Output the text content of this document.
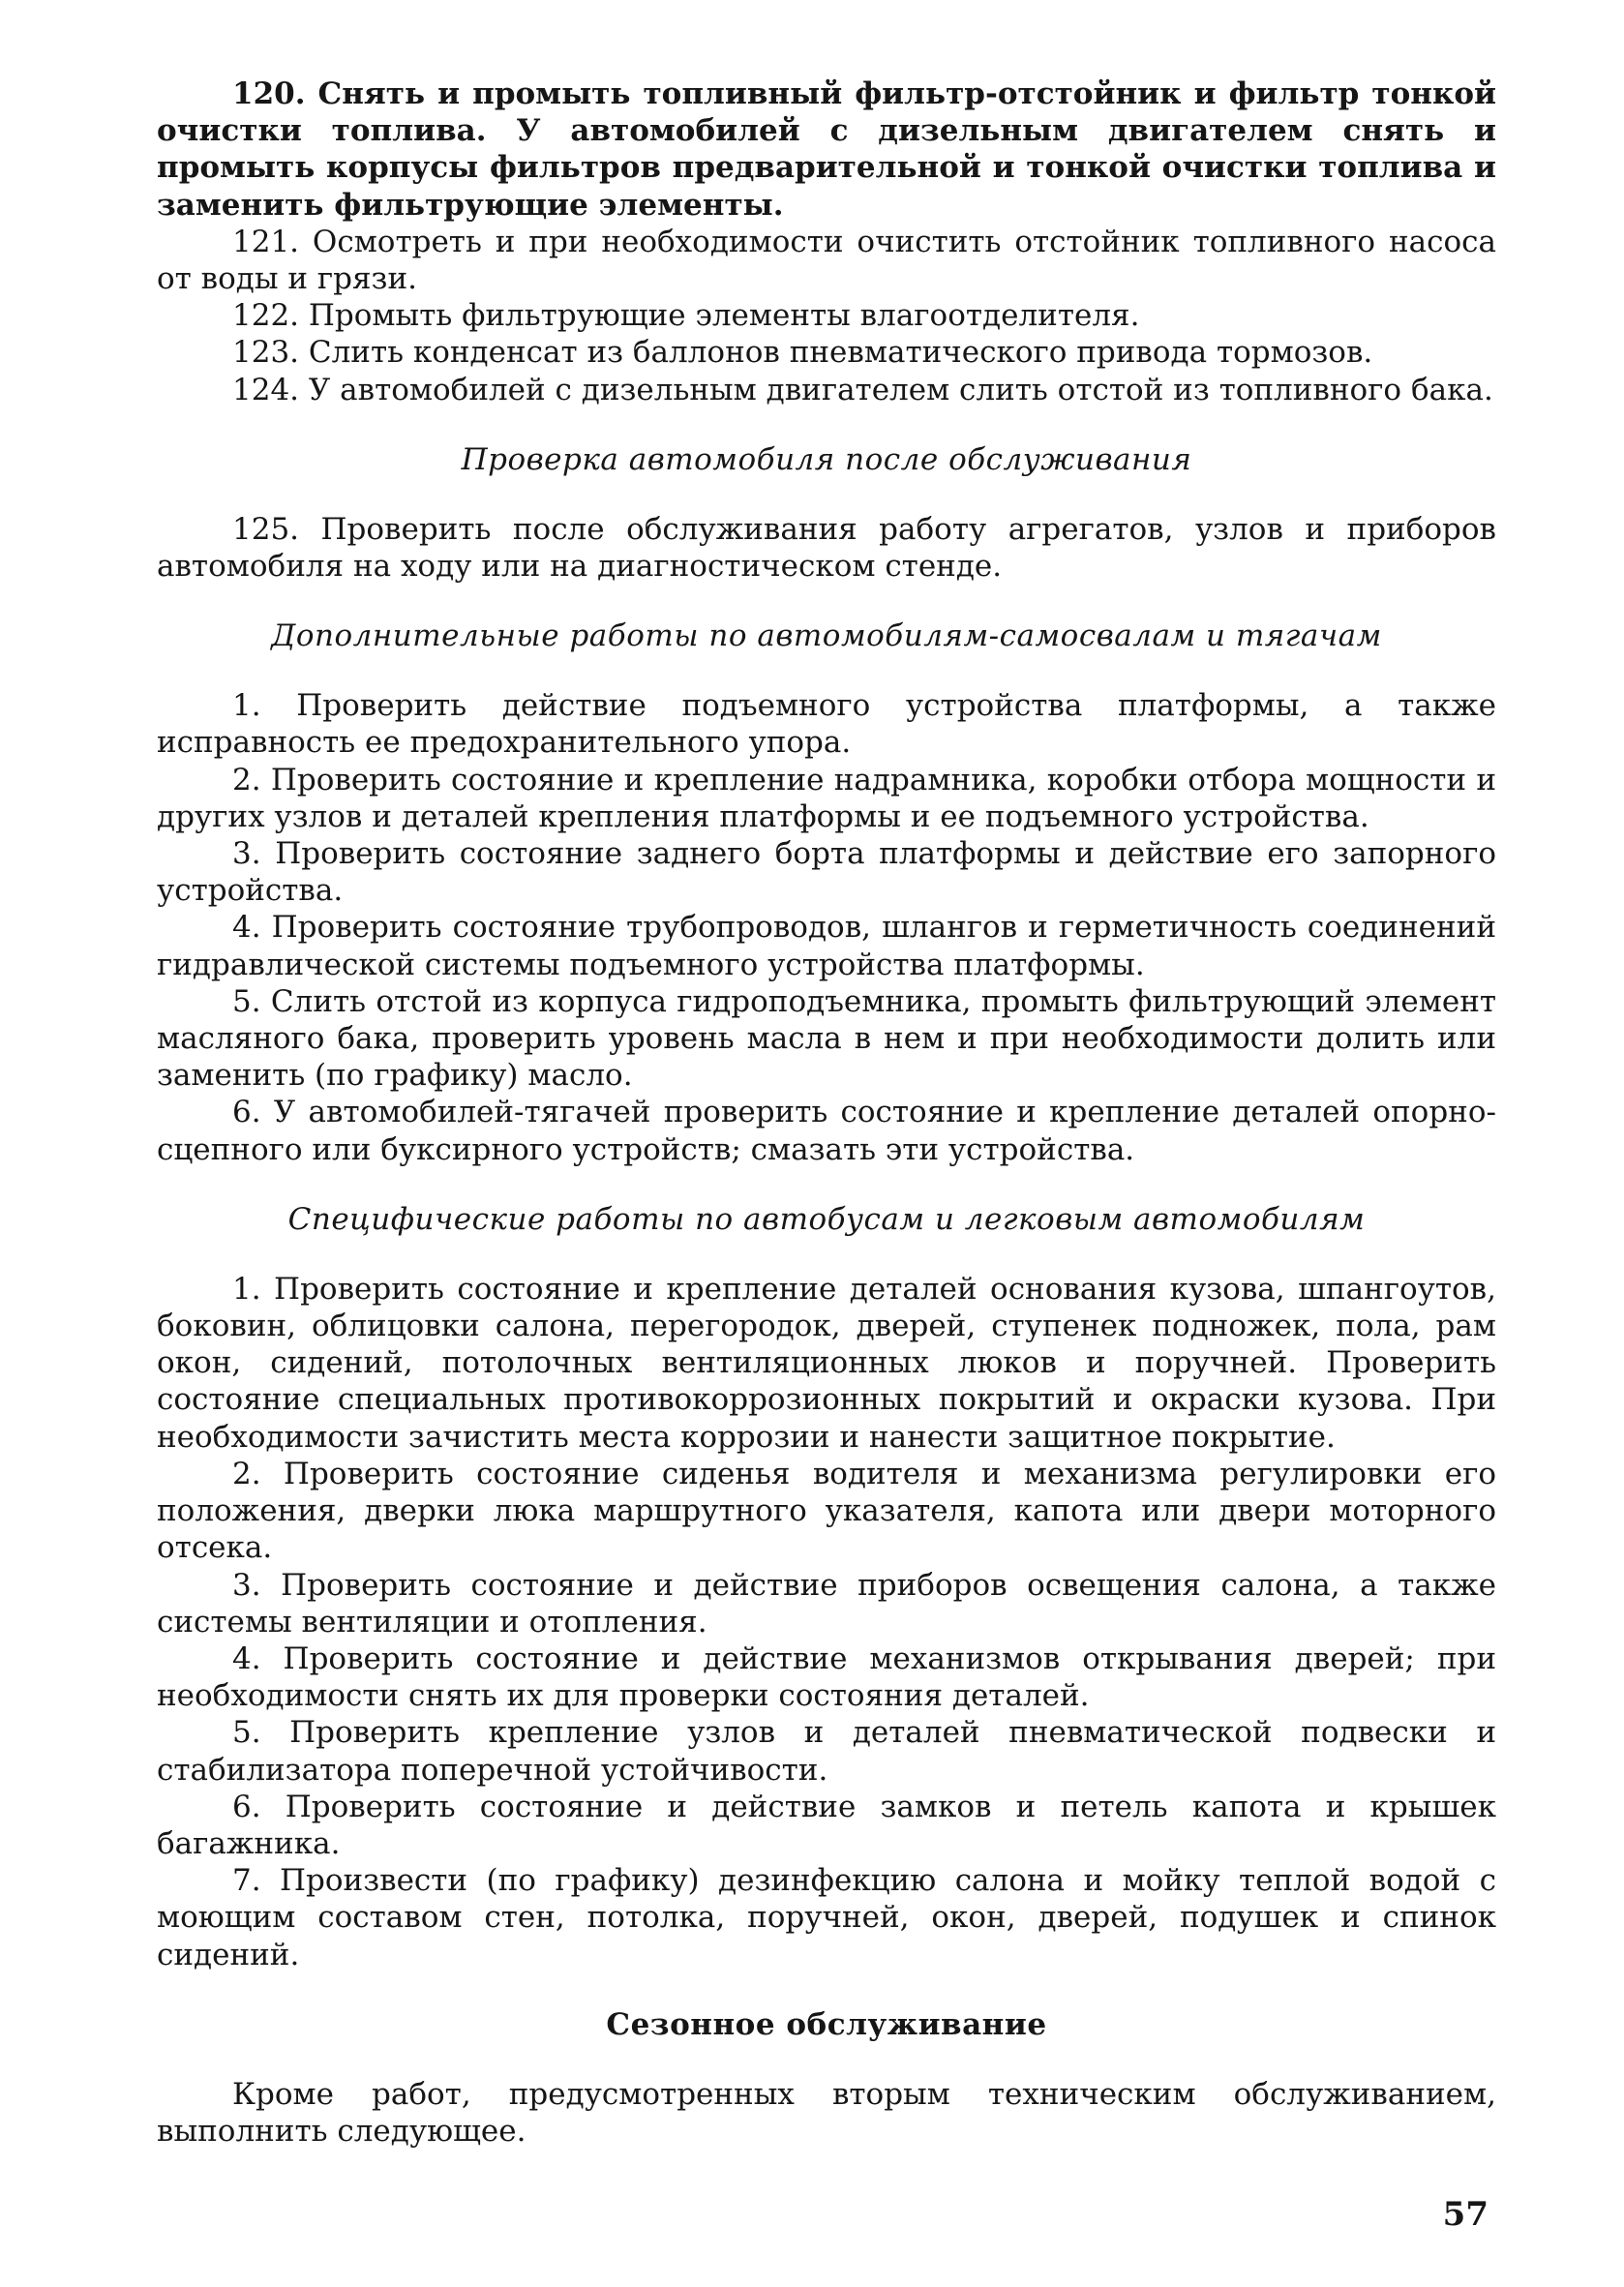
120. Снять и промыть топливный фильтр-отстойник и фильтр тонкой очистки топлива. У автомобилей с дизельным двигателем снять и промыть корпусы фильтров предварительной и тонкой очистки топлива и заменить фильтрующие элементы.

121. Осмотреть и при необходимости очистить отстойник топливного насоса от воды и грязи.

122. Промыть фильтрующие элементы влагоотделителя.

123. Слить конденсат из баллонов пневматического привода тормозов.

124. У автомобилей с дизельным двигателем слить отстой из топливного бака.

Проверка автомобиля после обслуживания

125. Проверить после обслуживания работу агрегатов, узлов и приборов автомобиля на ходу или на диагностическом стенде.

Дополнительные работы по автомобилям-самосвалам и тягачам

1. Проверить действие подъемного устройства платформы, а также исправность ее предохранительного упора.

2. Проверить состояние и крепление надрамника, коробки отбора мощности и других узлов и деталей крепления платформы и ее подъемного устройства.

3. Проверить состояние заднего борта платформы и действие его запорного устройства.

4. Проверить состояние трубопроводов, шлангов и герметичность соединений гидравлической системы подъемного устройства платформы.

5. Слить отстой из корпуса гидроподъемника, промыть фильтрующий элемент масляного бака, проверить уровень масла в нем и при необходимости долить или заменить (по графику) масло.

6. У автомобилей-тягачей проверить состояние и крепление деталей опорно-сцепного или буксирного устройств; смазать эти устройства.

Специфические работы по автобусам и легковым автомобилям

1. Проверить состояние и крепление деталей основания кузова, шпангоутов, боковин, облицовки салона, перегородок, дверей, ступенек подножек, пола, рам окон, сидений, потолочных вентиляционных люков и поручней. Проверить состояние специальных противокоррозионных покрытий и окраски кузова. При необходимости зачистить места коррозии и нанести защитное покрытие.

2. Проверить состояние сиденья водителя и механизма регулировки его положения, дверки люка маршрутного указателя, капота или двери моторного отсека.

3. Проверить состояние и действие приборов освещения салона, а также системы вентиляции и отопления.

4. Проверить состояние и действие механизмов открывания дверей; при необходимости снять их для проверки состояния деталей.

5. Проверить крепление узлов и деталей пневматической подвески и стабилизатора поперечной устойчивости.

6. Проверить состояние и действие замков и петель капота и крышек багажника.

7. Произвести (по графику) дезинфекцию салона и мойку теплой водой с моющим составом стен, потолка, поручней, окон, дверей, подушек и спинок сидений.

Сезонное обслуживание

Кроме работ, предусмотренных вторым техническим обслуживанием, выполнить следующее.

57
